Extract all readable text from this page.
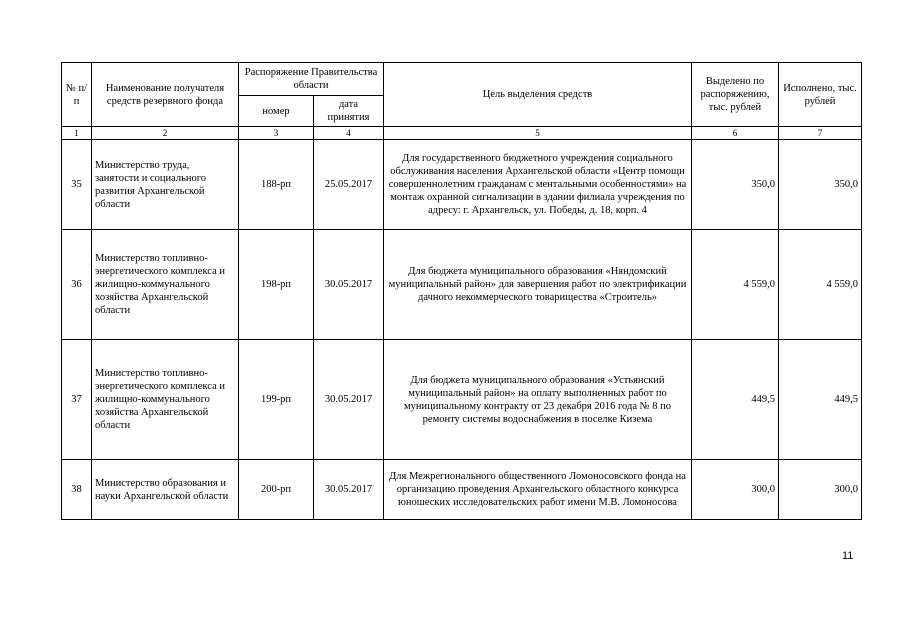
№ п/п	Наименование получателя средств резервного фонда	Распоряжение Правительства области		Цель выделения средств	Выделено по распоряжению, тыс. рублей	Исполнено, тыс. рублей
		номер	дата принятия			
1	2	3	4	5	6	7
35	Министерство труда, занятости и социального развития Архангельской области	188-рп	25.05.2017	Для государственного бюджетного учреждения социального обслуживания населения Архангельской области «Центр помощи совершеннолетним гражданам с ментальными особенностями» на монтаж охранной сигнализации в здании филиала учреждения по адресу: г. Архангельск, ул. Победы, д. 18, корп. 4	350,0	350,0
36	Министерство топливно-энергетического комплекса и жилищно-коммунального хозяйства Архангельской области	198-рп	30.05.2017	Для бюджета муниципального образования «Няндомский муниципальный район» для завершения работ по электрификации дачного некоммерческого товарищества «Строитель»	4 559,0	4 559,0
37	Министерство топливно-энергетического комплекса и жилищно-коммунального хозяйства Архангельской области	199-рп	30.05.2017	Для бюджета муниципального образования «Устьянский муниципальный район» на оплату выполненных работ по муниципальному контракту от 23 декабря 2016 года № 8 по ремонту системы водоснабжения в поселке Кизема	449,5	449,5
38	Министерство образования и науки Архангельской области	200-рп	30.05.2017	Для Межрегионального общественного Ломоносовского фонда на организацию проведения Архангельского областного конкурса юношеских исследовательских работ имени М.В. Ломоносова	300,0	300,0
11
